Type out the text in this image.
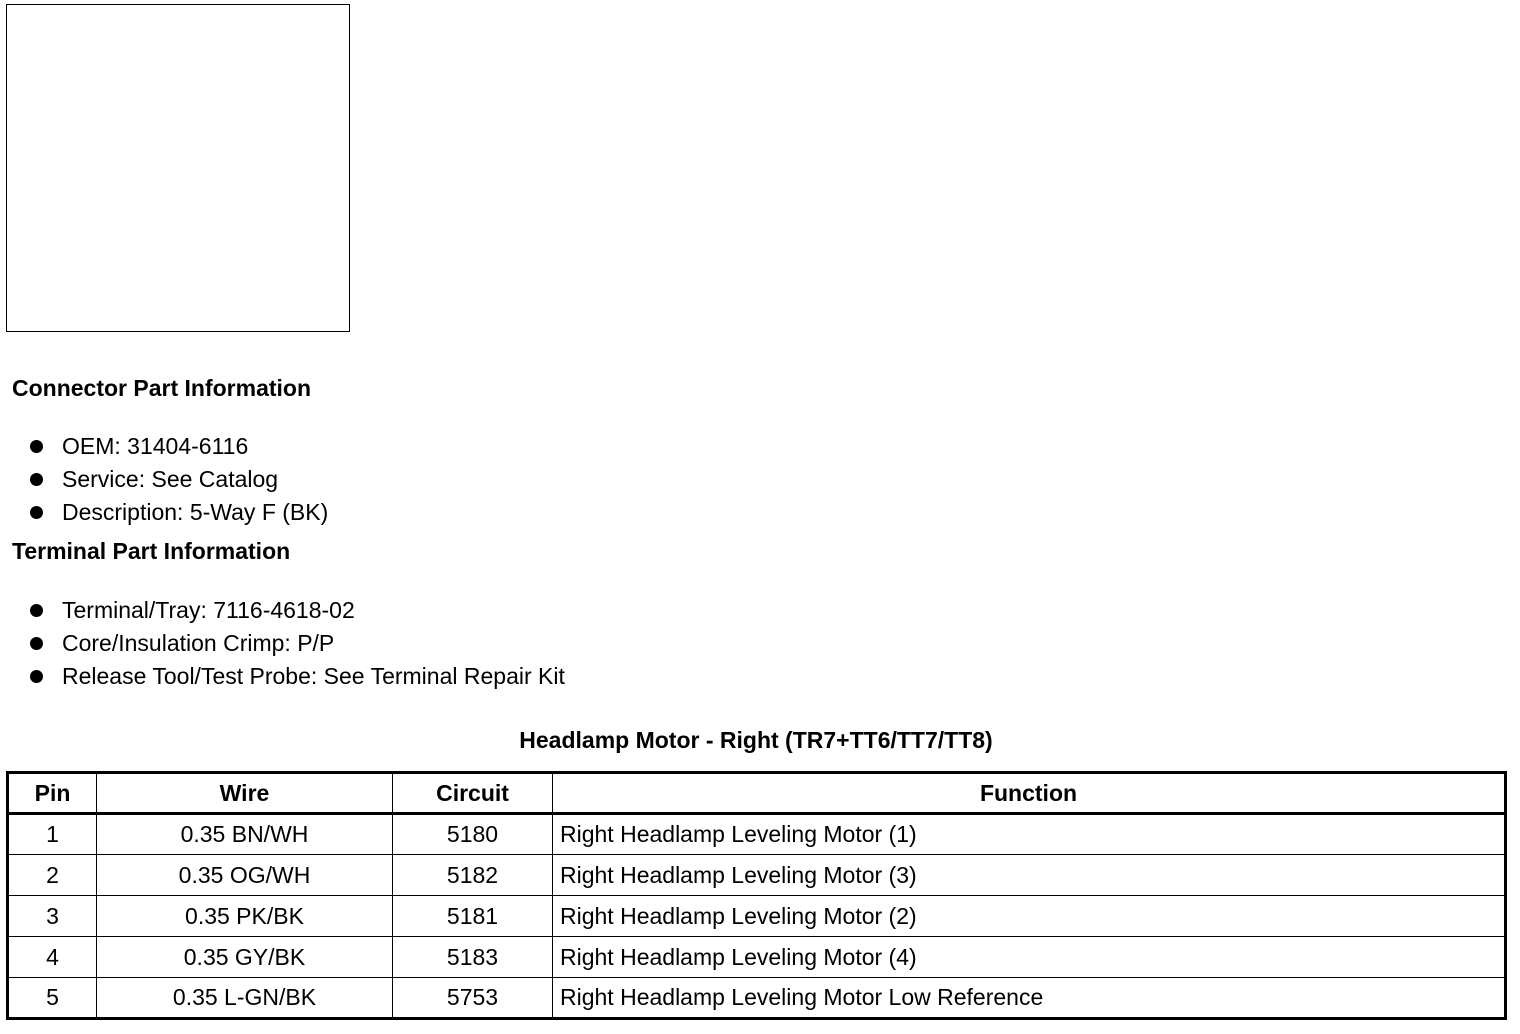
Connector Part Information
OEM: 31404-6116
Service: See Catalog
Description: 5-Way F (BK)
Terminal Part Information
Terminal/Tray: 7116-4618-02
Core/Insulation Crimp: P/P
Release Tool/Test Probe: See Terminal Repair Kit
Headlamp Motor - Right (TR7+TT6/TT7/TT8)
Pin	Wire	Circuit	Function
1	0.35 BN/WH	5180	Right Headlamp Leveling Motor (1)
2	0.35 OG/WH	5182	Right Headlamp Leveling Motor (3)
3	0.35 PK/BK	5181	Right Headlamp Leveling Motor (2)
4	0.35 GY/BK	5183	Right Headlamp Leveling Motor (4)
5	0.35 L-GN/BK	5753	Right Headlamp Leveling Motor Low Reference
